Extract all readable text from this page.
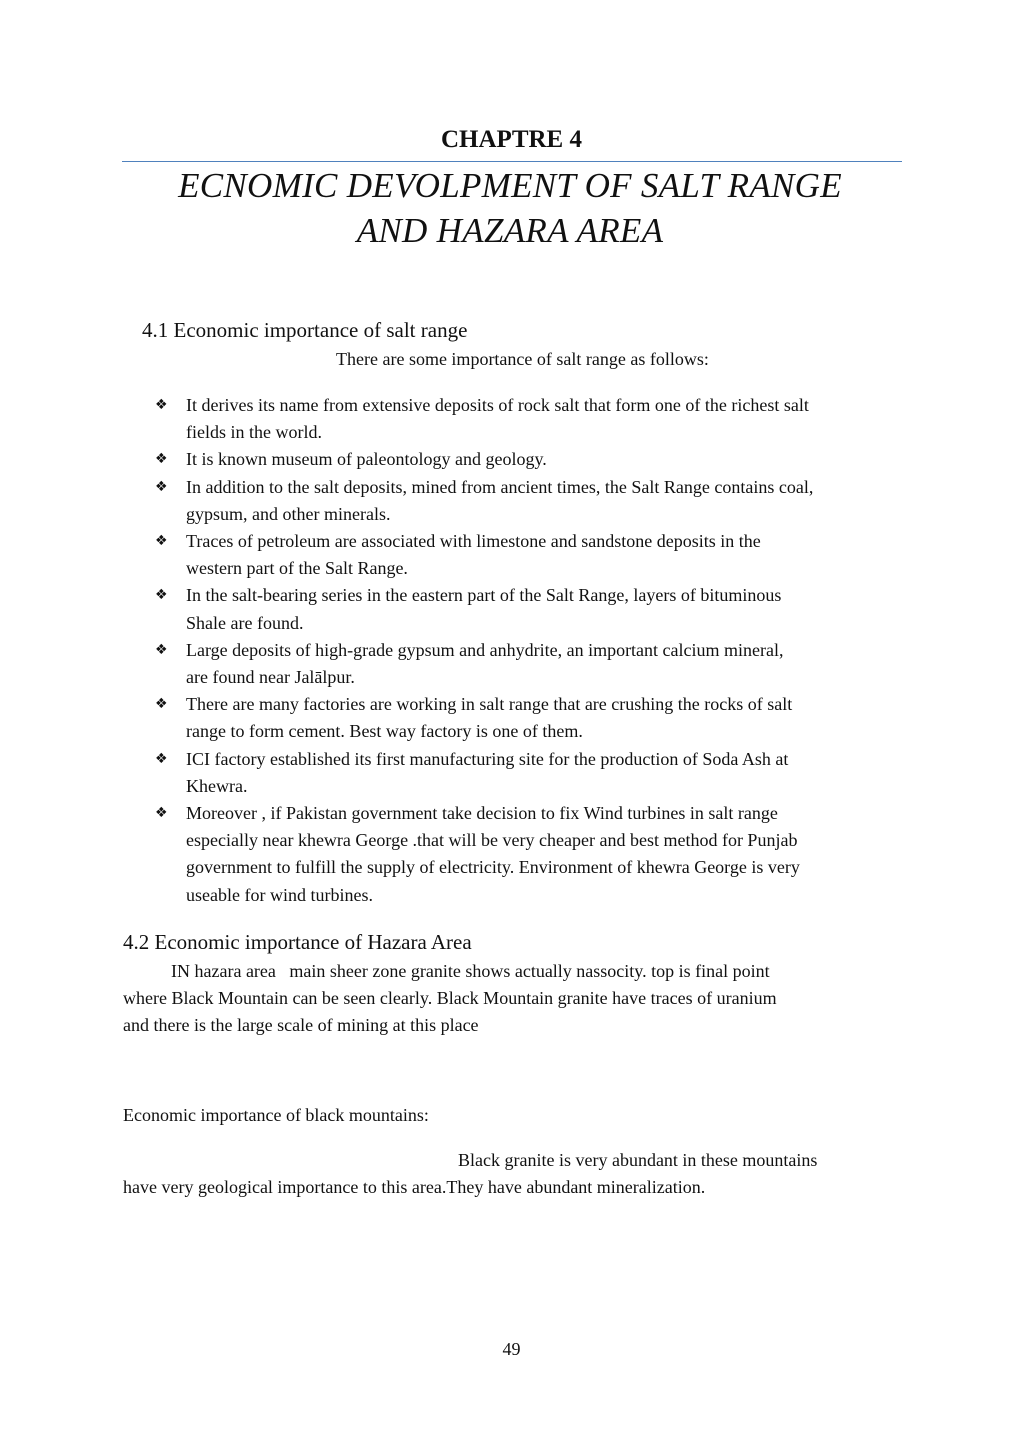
CHAPTRE 4
ECNOMIC DEVOLPMENT OF SALT RANGE
AND HAZARA AREA
4.1 Economic importance of salt range
There are some importance of salt range as follows:
❖ It derives its name from extensive deposits of rock salt that form one of the richest salt
fields in the world.
❖ It is known museum of paleontology and geology.
❖ In addition to the salt deposits, mined from ancient times, the Salt Range contains coal,
gypsum, and other minerals.
❖ Traces of petroleum are associated with limestone and sandstone deposits in the
western part of the Salt Range.
❖ In the salt-bearing series in the eastern part of the Salt Range, layers of bituminous
Shale are found.
❖ Large deposits of high-grade gypsum and anhydrite, an important calcium mineral,
are found near Jalālpur.
❖ There are many factories are working in salt range that are crushing the rocks of salt
range to form cement. Best way factory is one of them.
❖ ICI factory established its first manufacturing site for the production of Soda Ash at
Khewra.
❖ Moreover , if Pakistan government take decision to fix Wind turbines in salt range
especially near khewra George .that will be very cheaper and best method for Punjab
government to fulfill the supply of electricity. Environment of khewra George is very
useable for wind turbines.
4.2 Economic importance of Hazara Area
IN hazara area   main sheer zone granite shows actually nassocity. top is final point
where Black Mountain can be seen clearly. Black Mountain granite have traces of uranium
and there is the large scale of mining at this place
Economic importance of black mountains:
Black granite is very abundant in these mountains
have very geological importance to this area.They have abundant mineralization.
49
